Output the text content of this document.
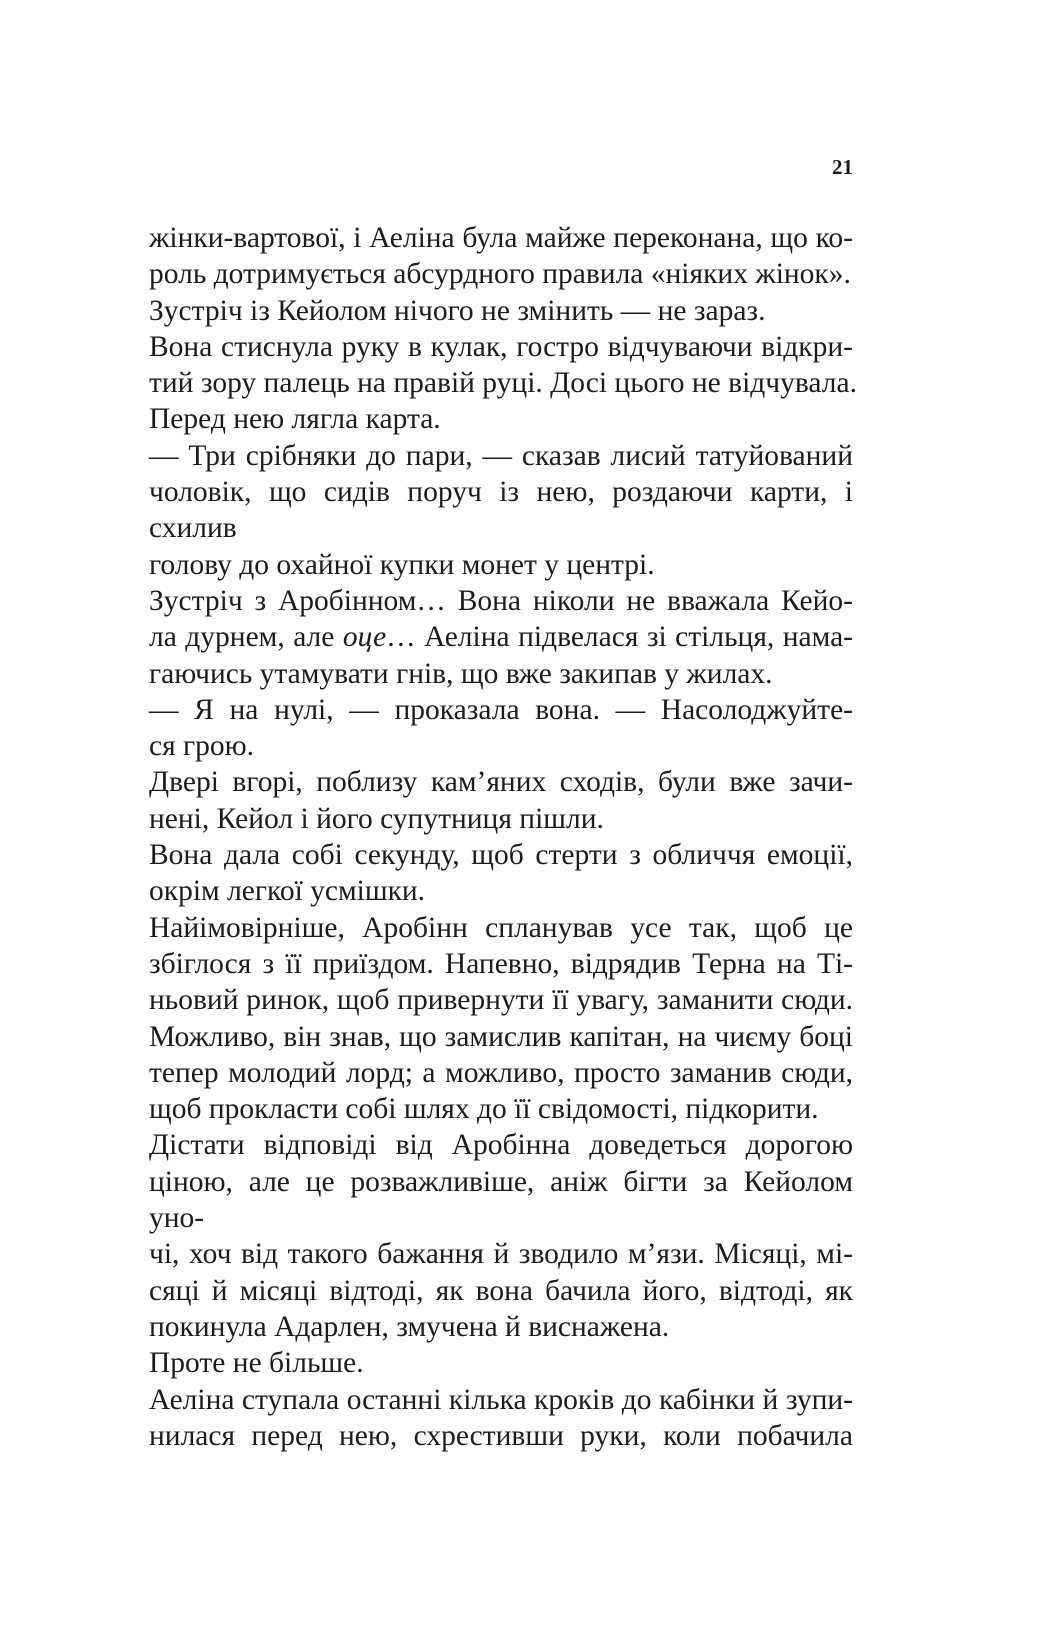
21

жінки-вартової, і Аеліна була майже переконана, що ко-
роль дотримується абсурдного правила «ніяких жінок».

Зустріч із Кейолом нічого не змінить — не зараз.

Вона стиснула руку в кулак, гостро відчуваючи відкри-
тий зору палець на правій руці. Досі цього не відчувала.

Перед нею лягла карта.

— Три срібняки до пари, — сказав лисий татуйований
чоловік, що сидів поруч із нею, роздаючи карти, і схилив
голову до охайної купки монет у центрі.

Зустріч з Аробінном… Вона ніколи не вважала Кейо-
ла дурнем, але оце… Аеліна підвелася зі стільця, нама-
гаючись утамувати гнів, що вже закипав у жилах.

— Я на нулі, — проказала вона. — Насолоджуйте-
ся грою.

Двері вгорі, поблизу кам’яних сходів, були вже зачи-
нені, Кейол і його супутниця пішли.

Вона дала собі секунду, щоб стерти з обличчя емоції,
окрім легкої усмішки.

Найімовірніше, Аробінн спланував усе так, щоб це
збіглося з її приїздом. Напевно, відрядив Терна на Ті-
ньовий ринок, щоб привернути її увагу, заманити сюди.
Можливо, він знав, що замислив капітан, на чиєму боці
тепер молодий лорд; а можливо, просто заманив сюди,
щоб прокласти собі шлях до її свідомості, підкорити.

Дістати відповіді від Аробінна доведеться дорогою
ціною, але це розважливіше, аніж бігти за Кейолом уно-
чі, хоч від такого бажання й зводило м’язи. Місяці, мі-
сяці й місяці відтоді, як вона бачила його, відтоді, як
покинула Адарлен, змучена й виснажена.

Проте не більше.

Аеліна ступала останні кілька кроків до кабінки й зупи-
нилася перед нею, схрестивши руки, коли побачила
